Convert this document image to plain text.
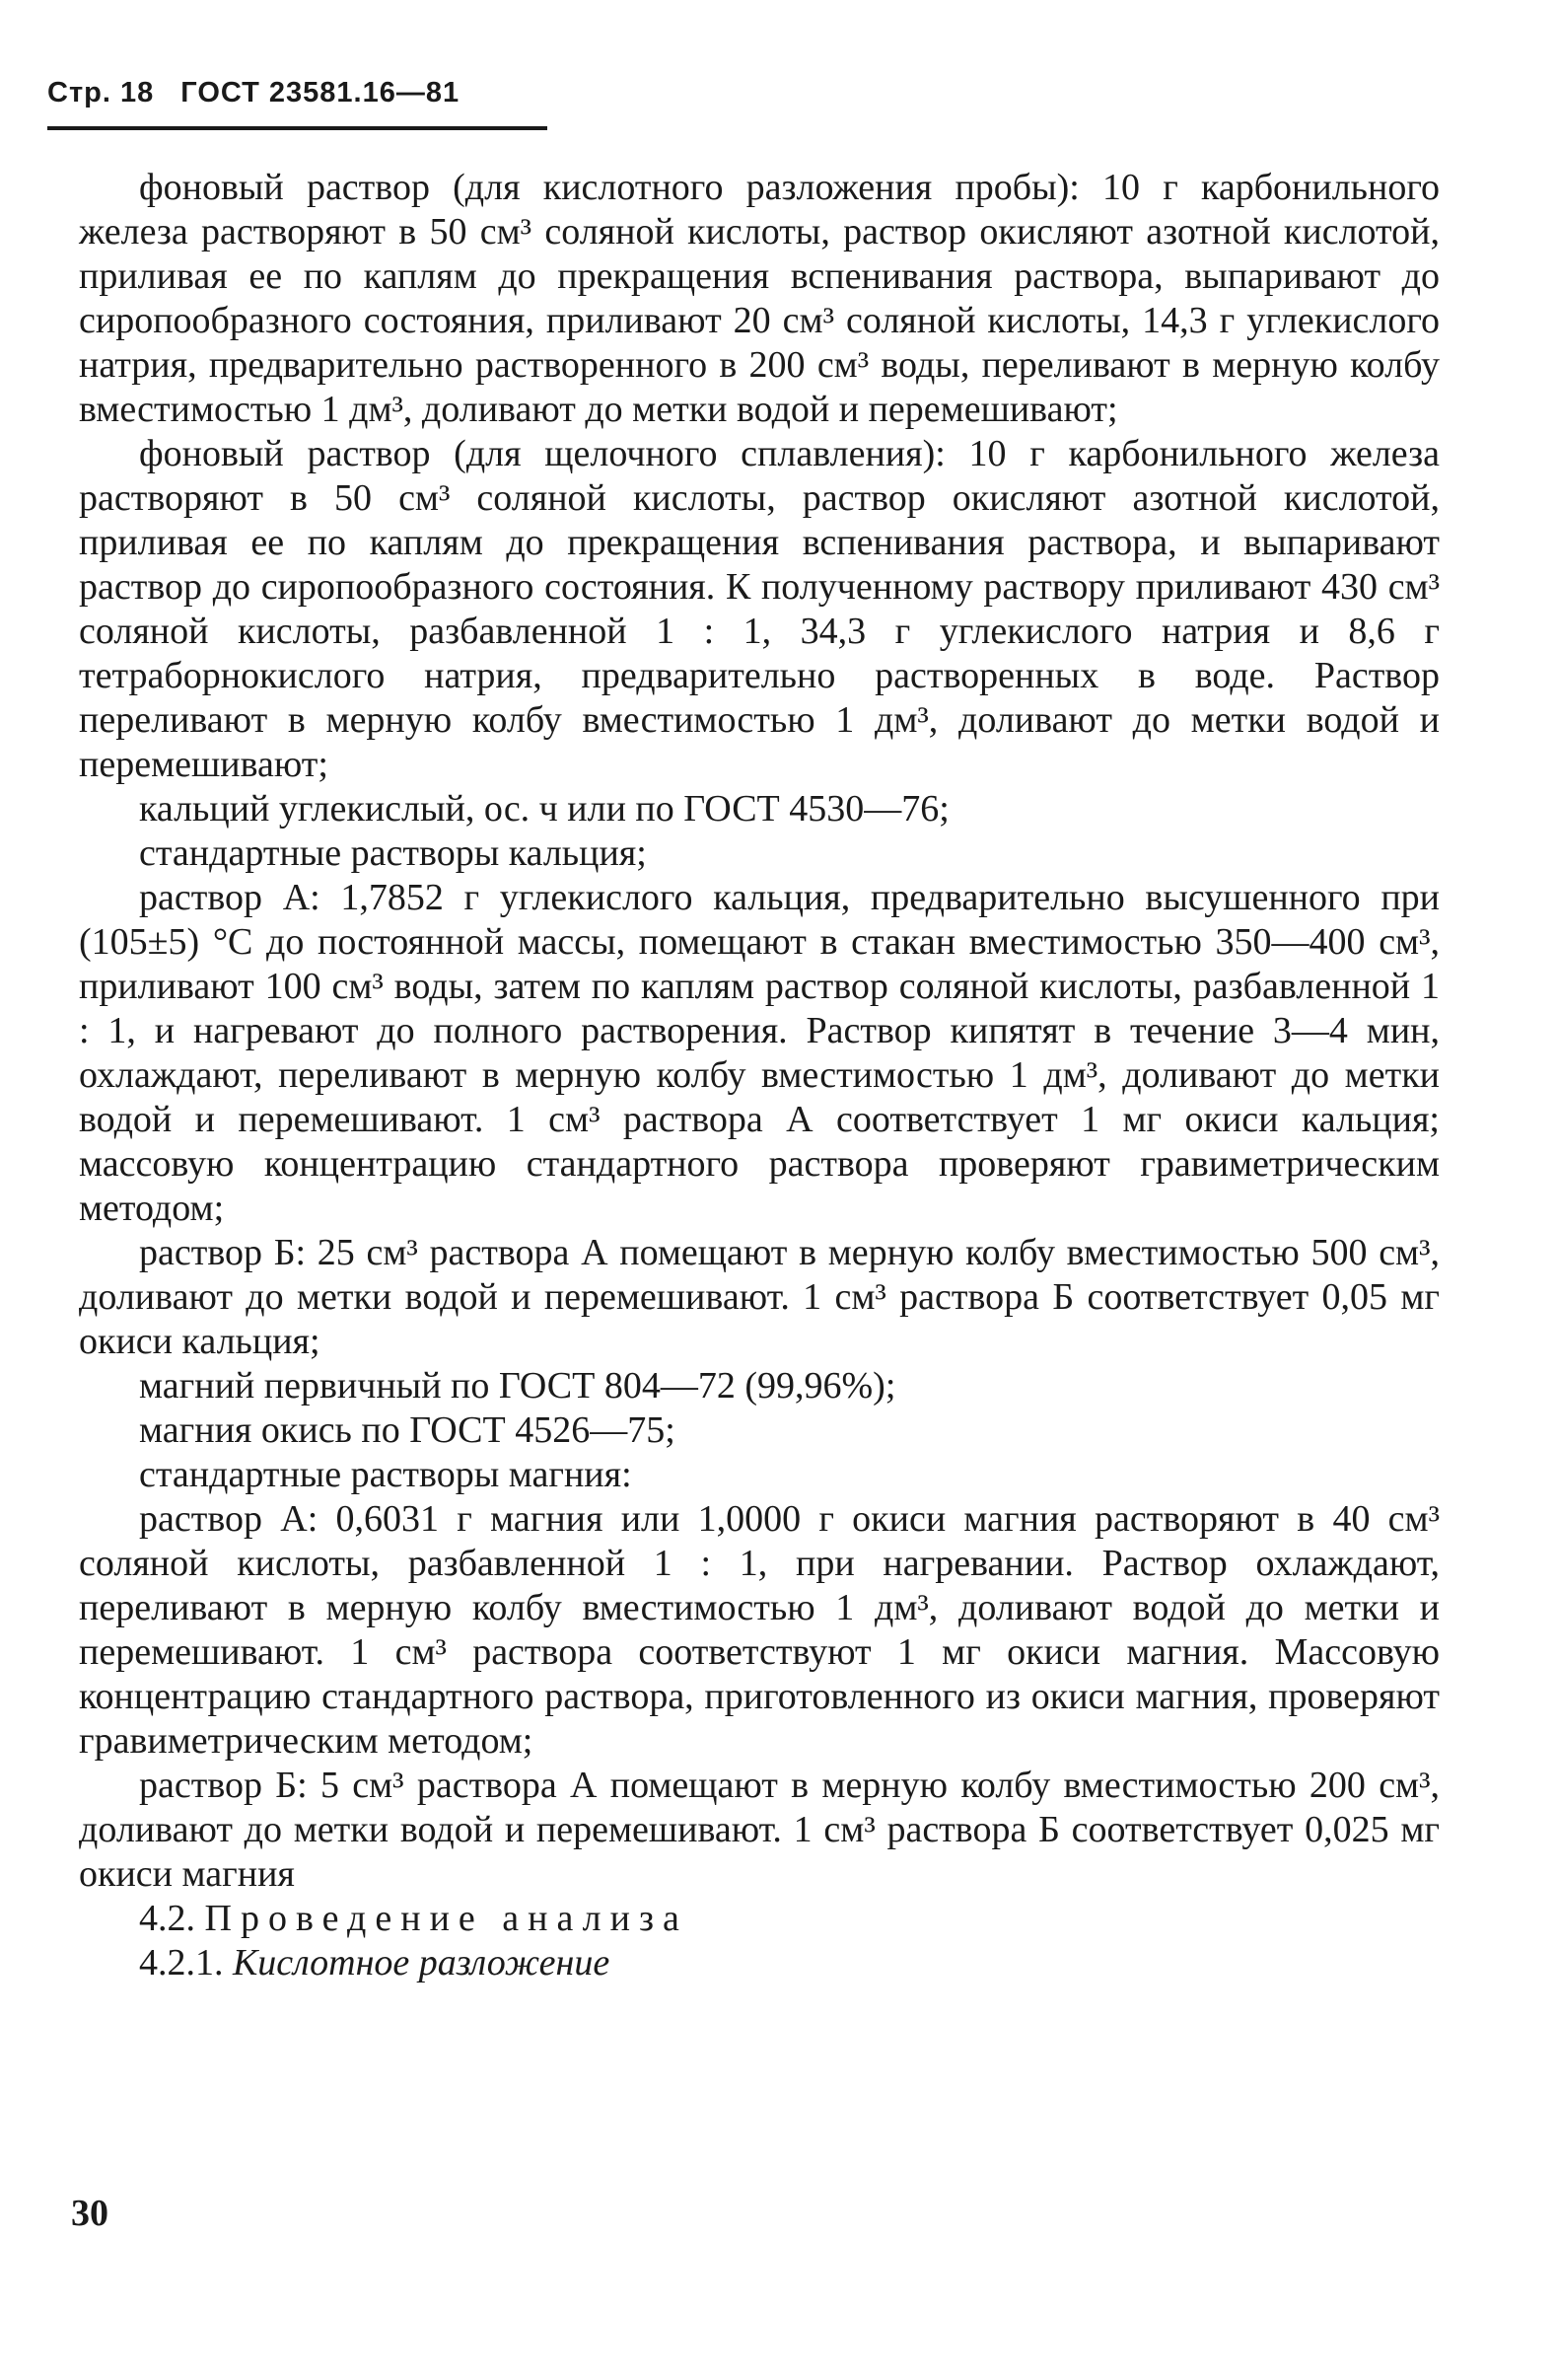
Стр. 18 ГОСТ 23581.16—81

фоновый раствор (для кислотного разложения пробы): 10 г карбонильного железа растворяют в 50 см³ соляной кислоты, раствор окисляют азотной кислотой, приливая ее по каплям до прекращения вспенивания раствора, выпаривают до сиропообразного состояния, приливают 20 см³ соляной кислоты, 14,3 г углекислого натрия, предварительно растворенного в 200 см³ воды, переливают в мерную колбу вместимостью 1 дм³, доливают до метки водой и перемешивают;

фоновый раствор (для щелочного сплавления): 10 г карбонильного железа растворяют в 50 см³ соляной кислоты, раствор окисляют азотной кислотой, приливая ее по каплям до прекращения вспенивания раствора, и выпаривают раствор до сиропообразного состояния. К полученному раствору приливают 430 см³ соляной кислоты, разбавленной 1 : 1, 34,3 г углекислого натрия и 8,6 г тетраборнокислого натрия, предварительно растворенных в воде. Раствор переливают в мерную колбу вместимостью 1 дм³, доливают до метки водой и перемешивают;

кальций углекислый, ос. ч или по ГОСТ 4530—76;

стандартные растворы кальция;

раствор А: 1,7852 г углекислого кальция, предварительно высушенного при (105±5) °С до постоянной массы, помещают в стакан вместимостью 350—400 см³, приливают 100 см³ воды, затем по каплям раствор соляной кислоты, разбавленной 1 : 1, и нагревают до полного растворения. Раствор кипятят в течение 3—4 мин, охлаждают, переливают в мерную колбу вместимостью 1 дм³, доливают до метки водой и перемешивают. 1 см³ раствора А соответствует 1 мг окиси кальция; массовую концентрацию стандартного раствора проверяют гравиметрическим методом;

раствор Б: 25 см³ раствора А помещают в мерную колбу вместимостью 500 см³, доливают до метки водой и перемешивают. 1 см³ раствора Б соответствует 0,05 мг окиси кальция;

магний первичный по ГОСТ 804—72 (99,96%);

магния окись по ГОСТ 4526—75;

стандартные растворы магния:

раствор А: 0,6031 г магния или 1,0000 г окиси магния растворяют в 40 см³ соляной кислоты, разбавленной 1 : 1, при нагревании. Раствор охлаждают, переливают в мерную колбу вместимостью 1 дм³, доливают водой до метки и перемешивают. 1 см³ раствора соответствуют 1 мг окиси магния. Массовую концентрацию стандартного раствора, приготовленного из окиси магния, проверяют гравиметрическим методом;

раствор Б: 5 см³ раствора А помещают в мерную колбу вместимостью 200 см³, доливают до метки водой и перемешивают. 1 см³ раствора Б соответствует 0,025 мг окиси магния

4.2. Проведение анализа

4.2.1. Кислотное разложение

30
